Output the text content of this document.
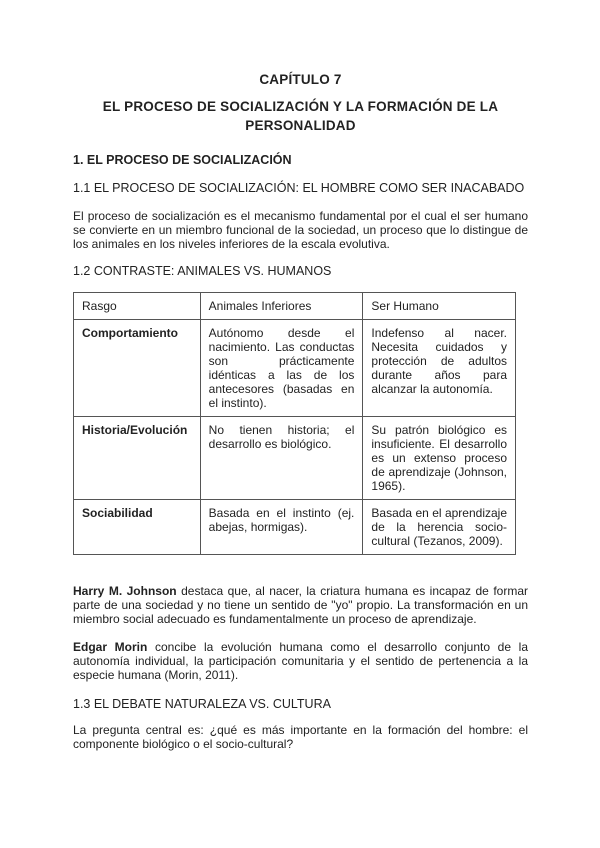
CAPÍTULO 7
EL PROCESO DE SOCIALIZACIÓN Y LA FORMACIÓN DE LA PERSONALIDAD
1. EL PROCESO DE SOCIALIZACIÓN
1.1 EL PROCESO DE SOCIALIZACIÓN: EL HOMBRE COMO SER INACABADO
El proceso de socialización es el mecanismo fundamental por el cual el ser humano se convierte en un miembro funcional de la sociedad, un proceso que lo distingue de los animales en los niveles inferiores de la escala evolutiva.
1.2 CONTRASTE: ANIMALES VS. HUMANOS
Rasgo	Animales Inferiores	Ser Humano
Comportamiento	Autónomo desde el nacimiento. Las conductas son prácticamente idénticas a las de los antecesores (basadas en el instinto).	Indefenso al nacer. Necesita cuidados y protección de adultos durante años para alcanzar la autonomía.
Historia/Evolución	No tienen historia; el desarrollo es biológico.	Su patrón biológico es insuficiente. El desarrollo es un extenso proceso de aprendizaje (Johnson, 1965).
Sociabilidad	Basada en el instinto (ej. abejas, hormigas).	Basada en el aprendizaje de la herencia socio-cultural (Tezanos, 2009).
Harry M. Johnson destaca que, al nacer, la criatura humana es incapaz de formar parte de una sociedad y no tiene un sentido de "yo" propio. La transformación en un miembro social adecuado es fundamentalmente un proceso de aprendizaje.
Edgar Morin concibe la evolución humana como el desarrollo conjunto de la autonomía individual, la participación comunitaria y el sentido de pertenencia a la especie humana (Morin, 2011).
1.3 EL DEBATE NATURALEZA VS. CULTURA
La pregunta central es: ¿qué es más importante en la formación del hombre: el componente biológico o el socio-cultural?
